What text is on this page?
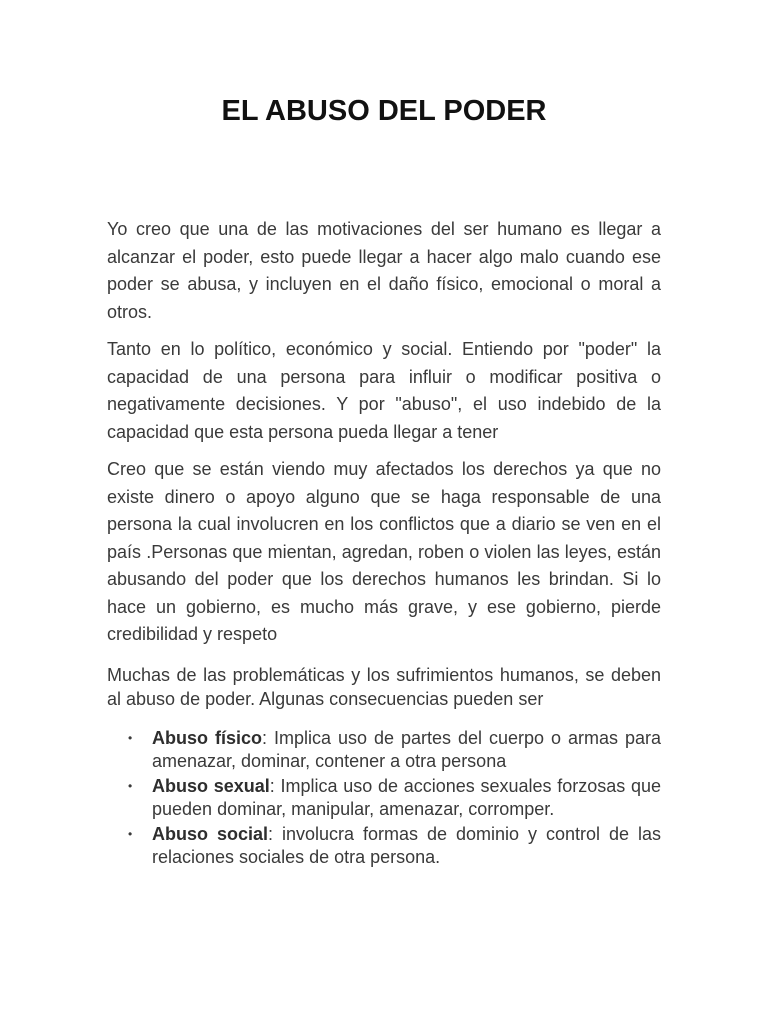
EL ABUSO DEL PODER

Yo creo que una de las motivaciones del ser humano es llegar a alcanzar el poder, esto puede llegar a hacer algo malo cuando ese poder se abusa, y incluyen en el daño físico, emocional o moral a otros.

Tanto en lo político, económico y social. Entiendo por "poder" la capacidad de una persona para influir o modificar positiva o negativamente decisiones. Y por "abuso", el uso indebido de la capacidad que esta persona pueda llegar a tener

Creo que se están viendo muy afectados los derechos ya que no existe dinero o apoyo alguno que se haga responsable de una persona la cual involucren en los conflictos que a diario se ven en el país .Personas que mientan, agredan, roben o violen las leyes, están abusando del poder que los derechos humanos les brindan. Si lo hace un gobierno, es mucho más grave, y ese gobierno, pierde credibilidad y respeto

Muchas de las problemáticas y los sufrimientos humanos, se deben al abuso de poder. Algunas consecuencias pueden ser

• Abuso físico: Implica uso de partes del cuerpo o armas para amenazar, dominar, contener a otra persona
• Abuso sexual: Implica uso de acciones sexuales forzosas que pueden dominar, manipular, amenazar, corromper.
• Abuso social: involucra formas de dominio y control de las relaciones sociales de otra persona.
